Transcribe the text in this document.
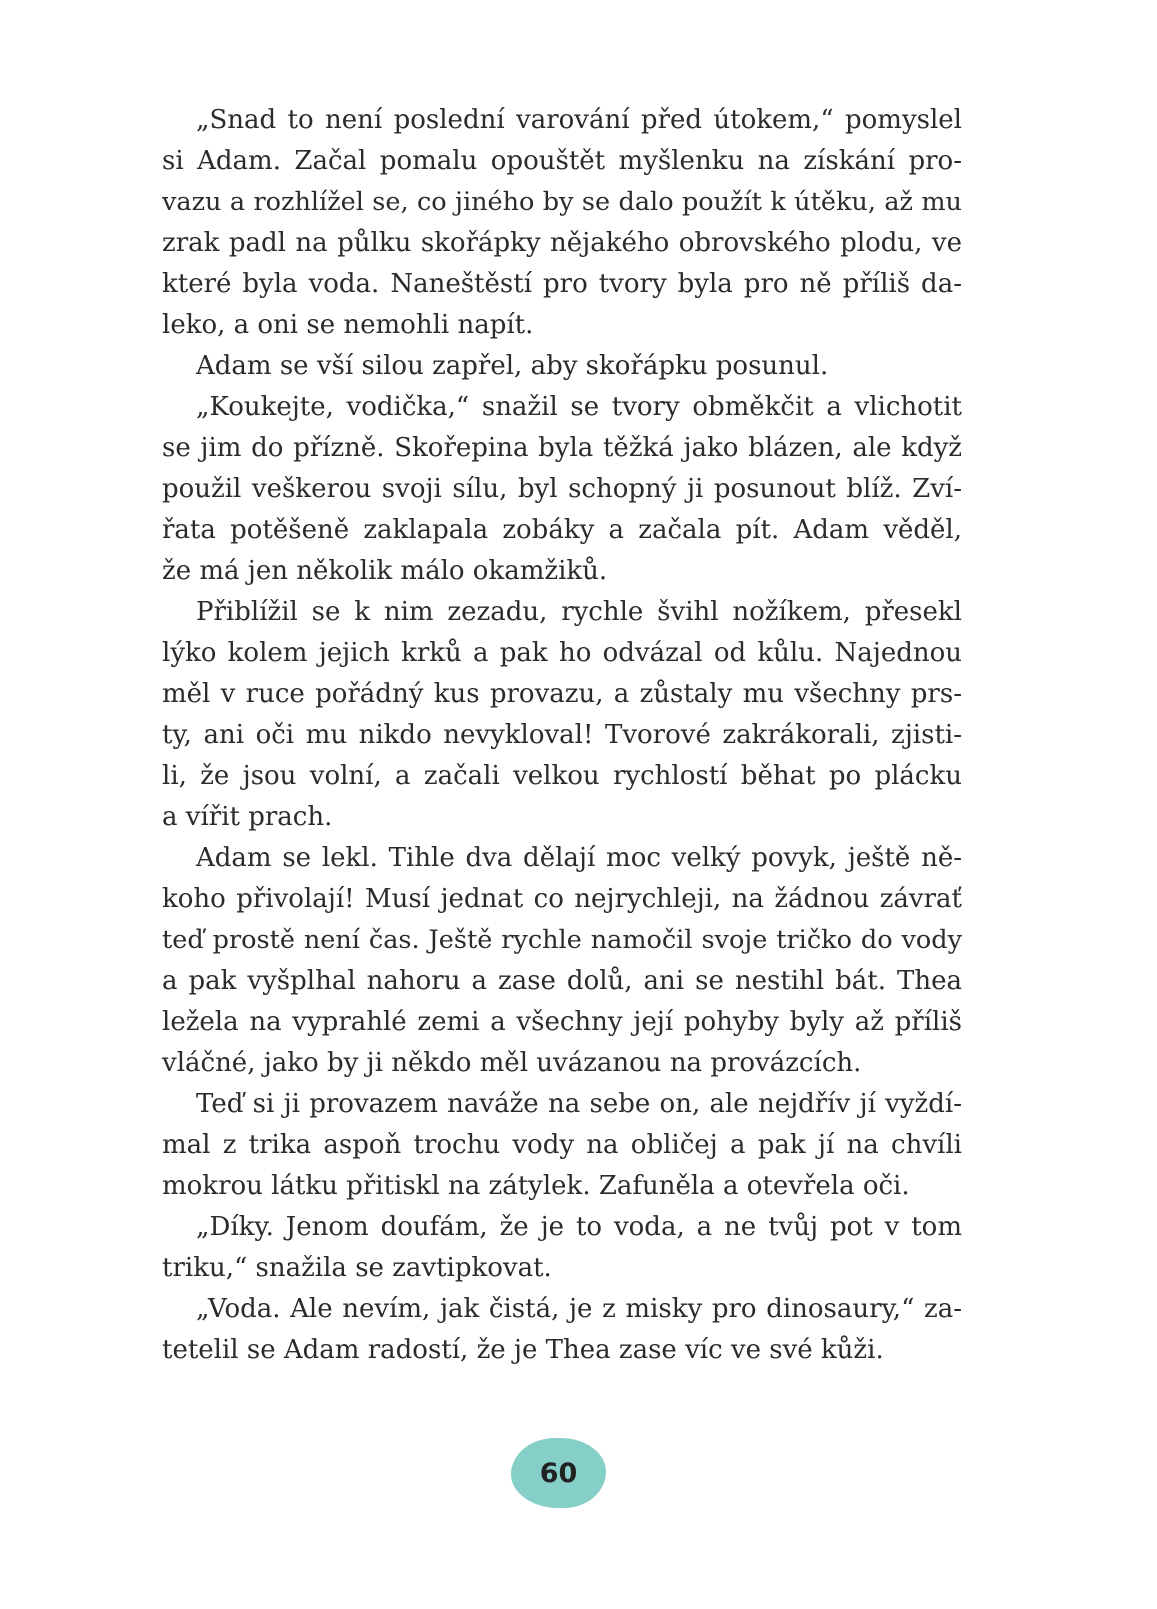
„Snad to není poslední varování před útokem,“ pomyslel
si Adam. Začal pomalu opouštět myšlenku na získání pro-
vazu a rozhlížel se, co jiného by se dalo použít k útěku, až mu
zrak padl na půlku skořápky nějakého obrovského plodu, ve
které byla voda. Naneštěstí pro tvory byla pro ně příliš da-
leko, a oni se nemohli napít.
Adam se vší silou zapřel, aby skořápku posunul.
„Koukejte, vodička,“ snažil se tvory obměkčit a vlichotit
se jim do přízně. Skořepina byla těžká jako blázen, ale když
použil veškerou svoji sílu, byl schopný ji posunout blíž. Zví-
řata potěšeně zaklapala zobáky a začala pít. Adam věděl,
že má jen několik málo okamžiků.
Přiblížil se k nim zezadu, rychle švihl nožíkem, přesekl
lýko kolem jejich krků a pak ho odvázal od kůlu. Najednou
měl v ruce pořádný kus provazu, a zůstaly mu všechny prs-
ty, ani oči mu nikdo nevykloval! Tvorové zakrákorali, zjisti-
li, že jsou volní, a začali velkou rychlostí běhat po plácku
a vířit prach.
Adam se lekl. Tihle dva dělají moc velký povyk, ještě ně-
koho přivolají! Musí jednat co nejrychleji, na žádnou závrať
teď prostě není čas. Ještě rychle namočil svoje tričko do vody
a pak vyšplhal nahoru a zase dolů, ani se nestihl bát. Thea
ležela na vyprahlé zemi a všechny její pohyby byly až příliš
vláčné, jako by ji někdo měl uvázanou na provázcích.
Teď si ji provazem naváže na sebe on, ale nejdřív jí vyždí-
mal z trika aspoň trochu vody na obličej a pak jí na chvíli
mokrou látku přitiskl na zátylek. Zafuněla a otevřela oči.
„Díky. Jenom doufám, že je to voda, a ne tvůj pot v tom
triku,“ snažila se zavtipkovat.
„Voda. Ale nevím, jak čistá, je z misky pro dinosaury,“ za-
tetelil se Adam radostí, že je Thea zase víc ve své kůži.
60
